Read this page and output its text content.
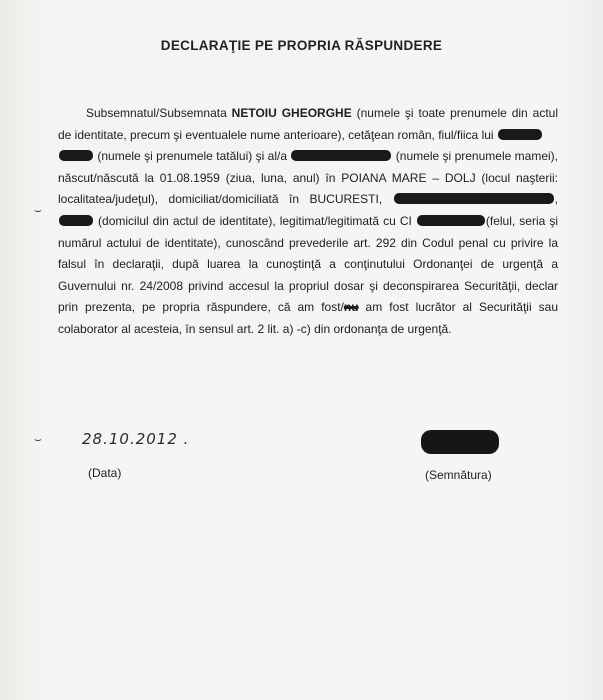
DECLARAŢIE PE PROPRIA RĂSPUNDERE

Subsemnatul/Subsemnata NETOIU GHEORGHE (numele şi toate prenumele din actul de identitate, precum şi eventualele nume anterioare), cetăţean român, fiul/fiica lui
(numele şi prenumele tatălui) şi al/a	(numele şi prenumele mamei), născut/născută la 01.08.1959 (ziua, luna, anul) în POIANA MARE – DOLJ (locul naşterii: localitatea/judeţul), domiciliat/domiciliată în BUCURESTI,	,  (domicilul din actul de identitate), legitimat/legitimată cu CI	(felul, seria şi numărul actului de identitate), cunoscând prevederile art. 292 din Codul penal cu privire la falsul în declaraţii, după luarea la cunoştinţă a conţinutului Ordonanţei de urgenţă a Guvernului nr. 24/2008 privind accesul la propriul dosar şi deconspirarea Securităţii, declar prin prezenta, pe propria răspundere, că am fost/nu am fost lucrător al Securităţii sau colaborator al acesteia, în sensul art. 2 lit. a) -c) din ordonanţa de urgenţă.

⌣
⌣	28.10.2012 .
(Data)	(Semnătura)
